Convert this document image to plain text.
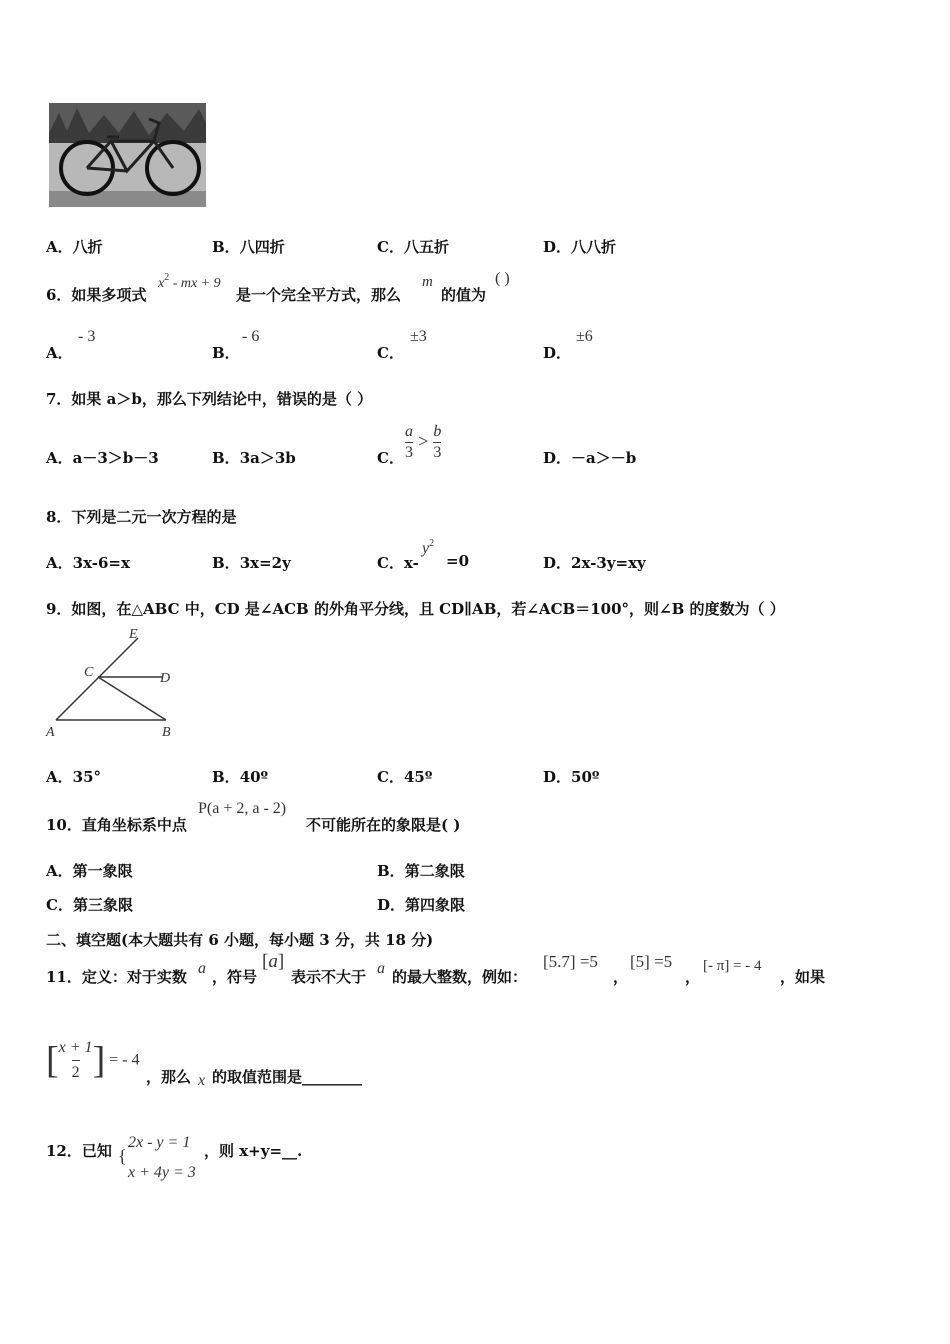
A．八折	B．八四折	C．八五折	D．八八折
6．如果多项式
$x^2$ - mx + 9
是一个完全平方式，那么
m
的值为
( )
A．
- 3
B．
- 6
C．
±3
D．
±6
7．如果 a＞b，那么下列结论中，错误的是（ ）
A．a－3＞b－3	B．3a＞3b	C． $\frac{a}{3} > \frac{b}{3}$	D．－a＞－b
8．下列是二元一次方程的是
A．3x-6=x	B．3x=2y	C．x-
$y^2$
=0	D．2x-3y=xy
9．如图，在△ABC 中，CD 是∠ACB 的外角平分线，且 CD∥AB，若∠ACB＝100°，则∠B 的度数为（ ）
E
C	D
A	B
A．35°	B．40º	C．45º	D．50º
10．直角坐标系中点
P(a + 2, a - 2)
不可能所在的象限是( )
A．第一象限	B．第二象限
C．第三象限	D．第四象限
二、填空题(本大题共有 6 小题，每小题 3 分，共 18 分)
11．定义：对于实数 a ，符号
[a]
表示不大于 a 的最大整数，例如：
[5.7] =5
，
[5] =5
，
[- π] = - 4
，如果
[ $\frac{x + 1}{2}$ ] = - 4
，那么 x 的取值范围是________
12．已知 {
2x - y = 1
x + 4y = 3
，则 x+y=__.
